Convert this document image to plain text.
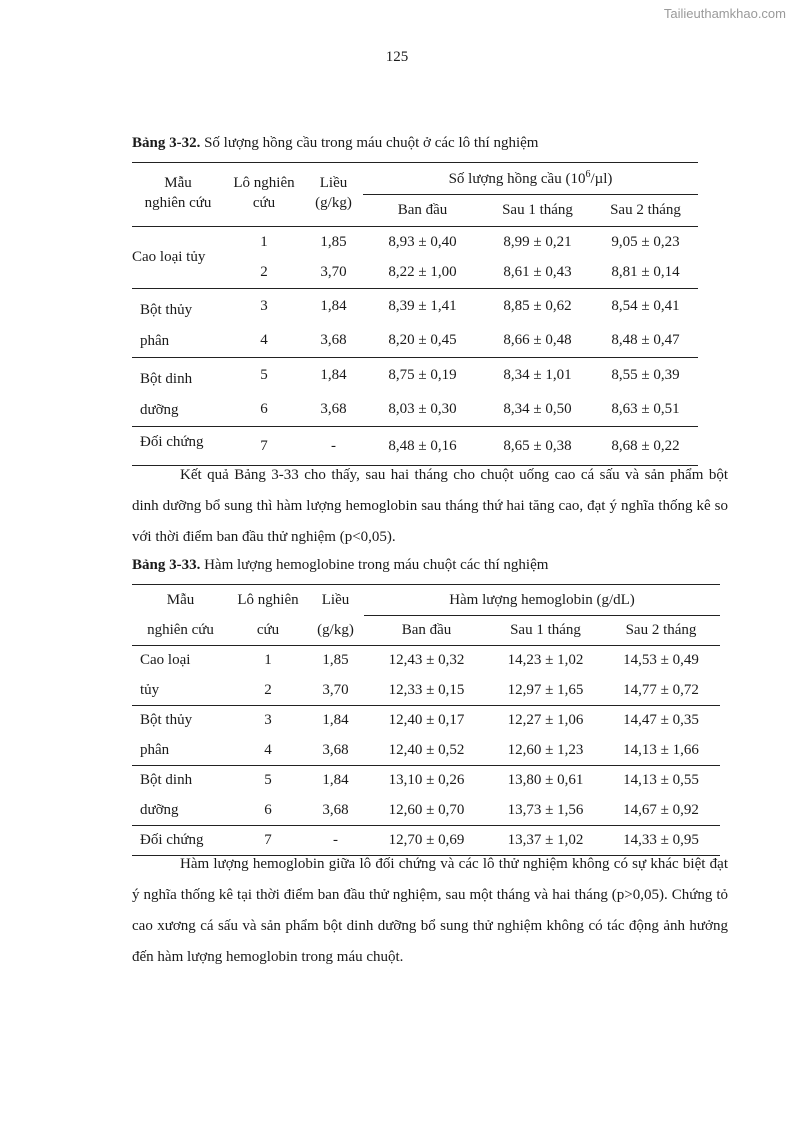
Tailieuthamkhao.com
125
Bảng 3-32. Số lượng hồng cầu trong máu chuột ở các lô thí nghiệm
Mẫu	Lô nghiên	Liều	Số lượng hồng cầu $(10^6/\mu l)$		
nghiên cứu	cứu	(g/kg)	Ban đầu	Sau 1 tháng	Sau 2 tháng
Cao loại tủy	1	1,85	8,93 ± 0,40	8,99 ± 0,21	9,05 ± 0,23
	2	3,70	8,22 ± 1,00	8,61 ± 0,43	8,81 ± 0,14
Bột thủy
phân	3	1,84	8,39 ± 1,41	8,85 ± 0,62	8,54 ± 0,41
	4	3,68	8,20 ± 0,45	8,66 ± 0,48	8,48 ± 0,47
Bột dinh
dưỡng	5	1,84	8,75 ± 0,19	8,34 ± 1,01	8,55 ± 0,39
	6	3,68	8,03 ± 0,30	8,34 ± 0,50	8,63 ± 0,51
Đối chứng	7	-	8,48 ± 0,16	8,65 ± 0,38	8,68 ± 0,22
Kết quả Bảng 3-33 cho thấy, sau hai tháng cho chuột uống cao cá sấu và sản phẩm bột dinh dưỡng bổ sung thì hàm lượng hemoglobin sau tháng thứ hai tăng cao, đạt ý nghĩa thống kê so với thời điểm ban đầu thử nghiệm (p<0,05).
Bảng 3-33. Hàm lượng hemoglobine trong máu chuột các thí nghiệm
Mẫu	Lô nghiên	Liều	Hàm lượng hemoglobin (g/dL)		
nghiên cứu	cứu	(g/kg)	Ban đầu	Sau 1 tháng	Sau 2 tháng
Cao loại	1	1,85	12,43 ± 0,32	14,23 ± 1,02	14,53 ± 0,49
tủy	2	3,70	12,33 ± 0,15	12,97 ± 1,65	14,77 ± 0,72
Bột thủy	3	1,84	12,40 ± 0,17	12,27 ± 1,06	14,47 ± 0,35
phân	4	3,68	12,40 ± 0,52	12,60 ± 1,23	14,13 ± 1,66
Bột dinh	5	1,84	13,10 ± 0,26	13,80 ± 0,61	14,13 ± 0,55
dưỡng	6	3,68	12,60 ± 0,70	13,73 ± 1,56	14,67 ± 0,92
Đối chứng	7	-	12,70 ± 0,69	13,37 ± 1,02	14,33 ± 0,95
Hàm lượng hemoglobin giữa lô đối chứng và các lô thử nghiệm không có sự khác biệt đạt ý nghĩa thống kê tại thời điểm ban đầu thử nghiệm, sau một tháng và hai tháng (p>0,05). Chứng tỏ cao xương cá sấu và sản phẩm bột dinh dưỡng bổ sung thử nghiệm không có tác động ảnh hưởng đến hàm lượng hemoglobin trong máu chuột.
